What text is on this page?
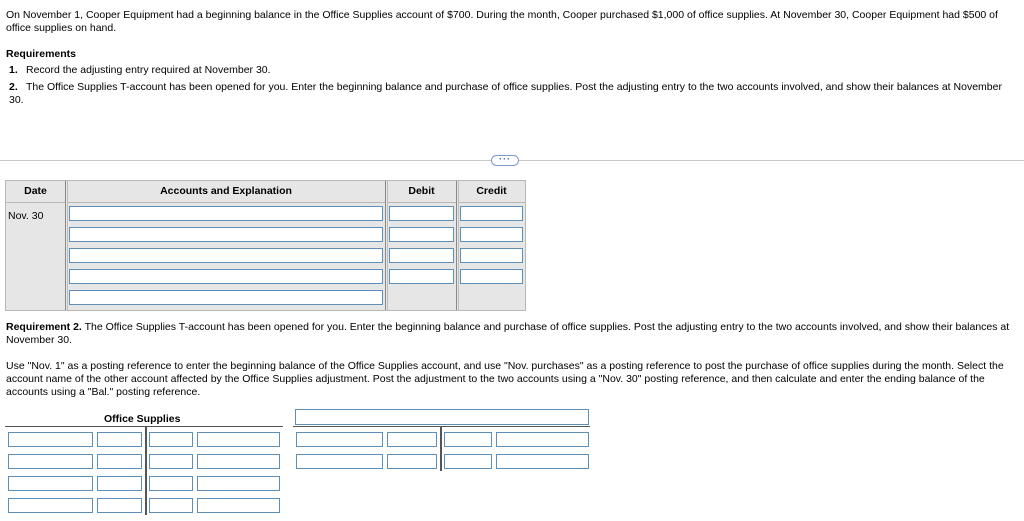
On November 1, Cooper Equipment had a beginning balance in the Office Supplies account of $700. During the month, Cooper purchased $1,000 of office supplies. At November 30, Cooper Equipment had $500 of office supplies on hand.

Requirements
1. Record the adjusting entry required at November 30.
2. The Office Supplies T-account has been opened for you. Enter the beginning balance and purchase of office supplies. Post the adjusting entry to the two accounts involved, and show their balances at November 30.
···
Date	Accounts and Explanation	Debit	Credit
Nov. 30

Requirement 2. The Office Supplies T-account has been opened for you. Enter the beginning balance and purchase of office supplies. Post the adjusting entry to the two accounts involved, and show their balances at November 30.

Use "Nov. 1" as a posting reference to enter the beginning balance of the Office Supplies account, and use "Nov. purchases" as a posting reference to post the purchase of office supplies during the month. Select the account name of the other account affected by the Office Supplies adjustment. Post the adjustment to the two accounts using a "Nov. 30" posting reference, and then calculate and enter the ending balance of the accounts using a "Bal." posting reference.

Office Supplies
